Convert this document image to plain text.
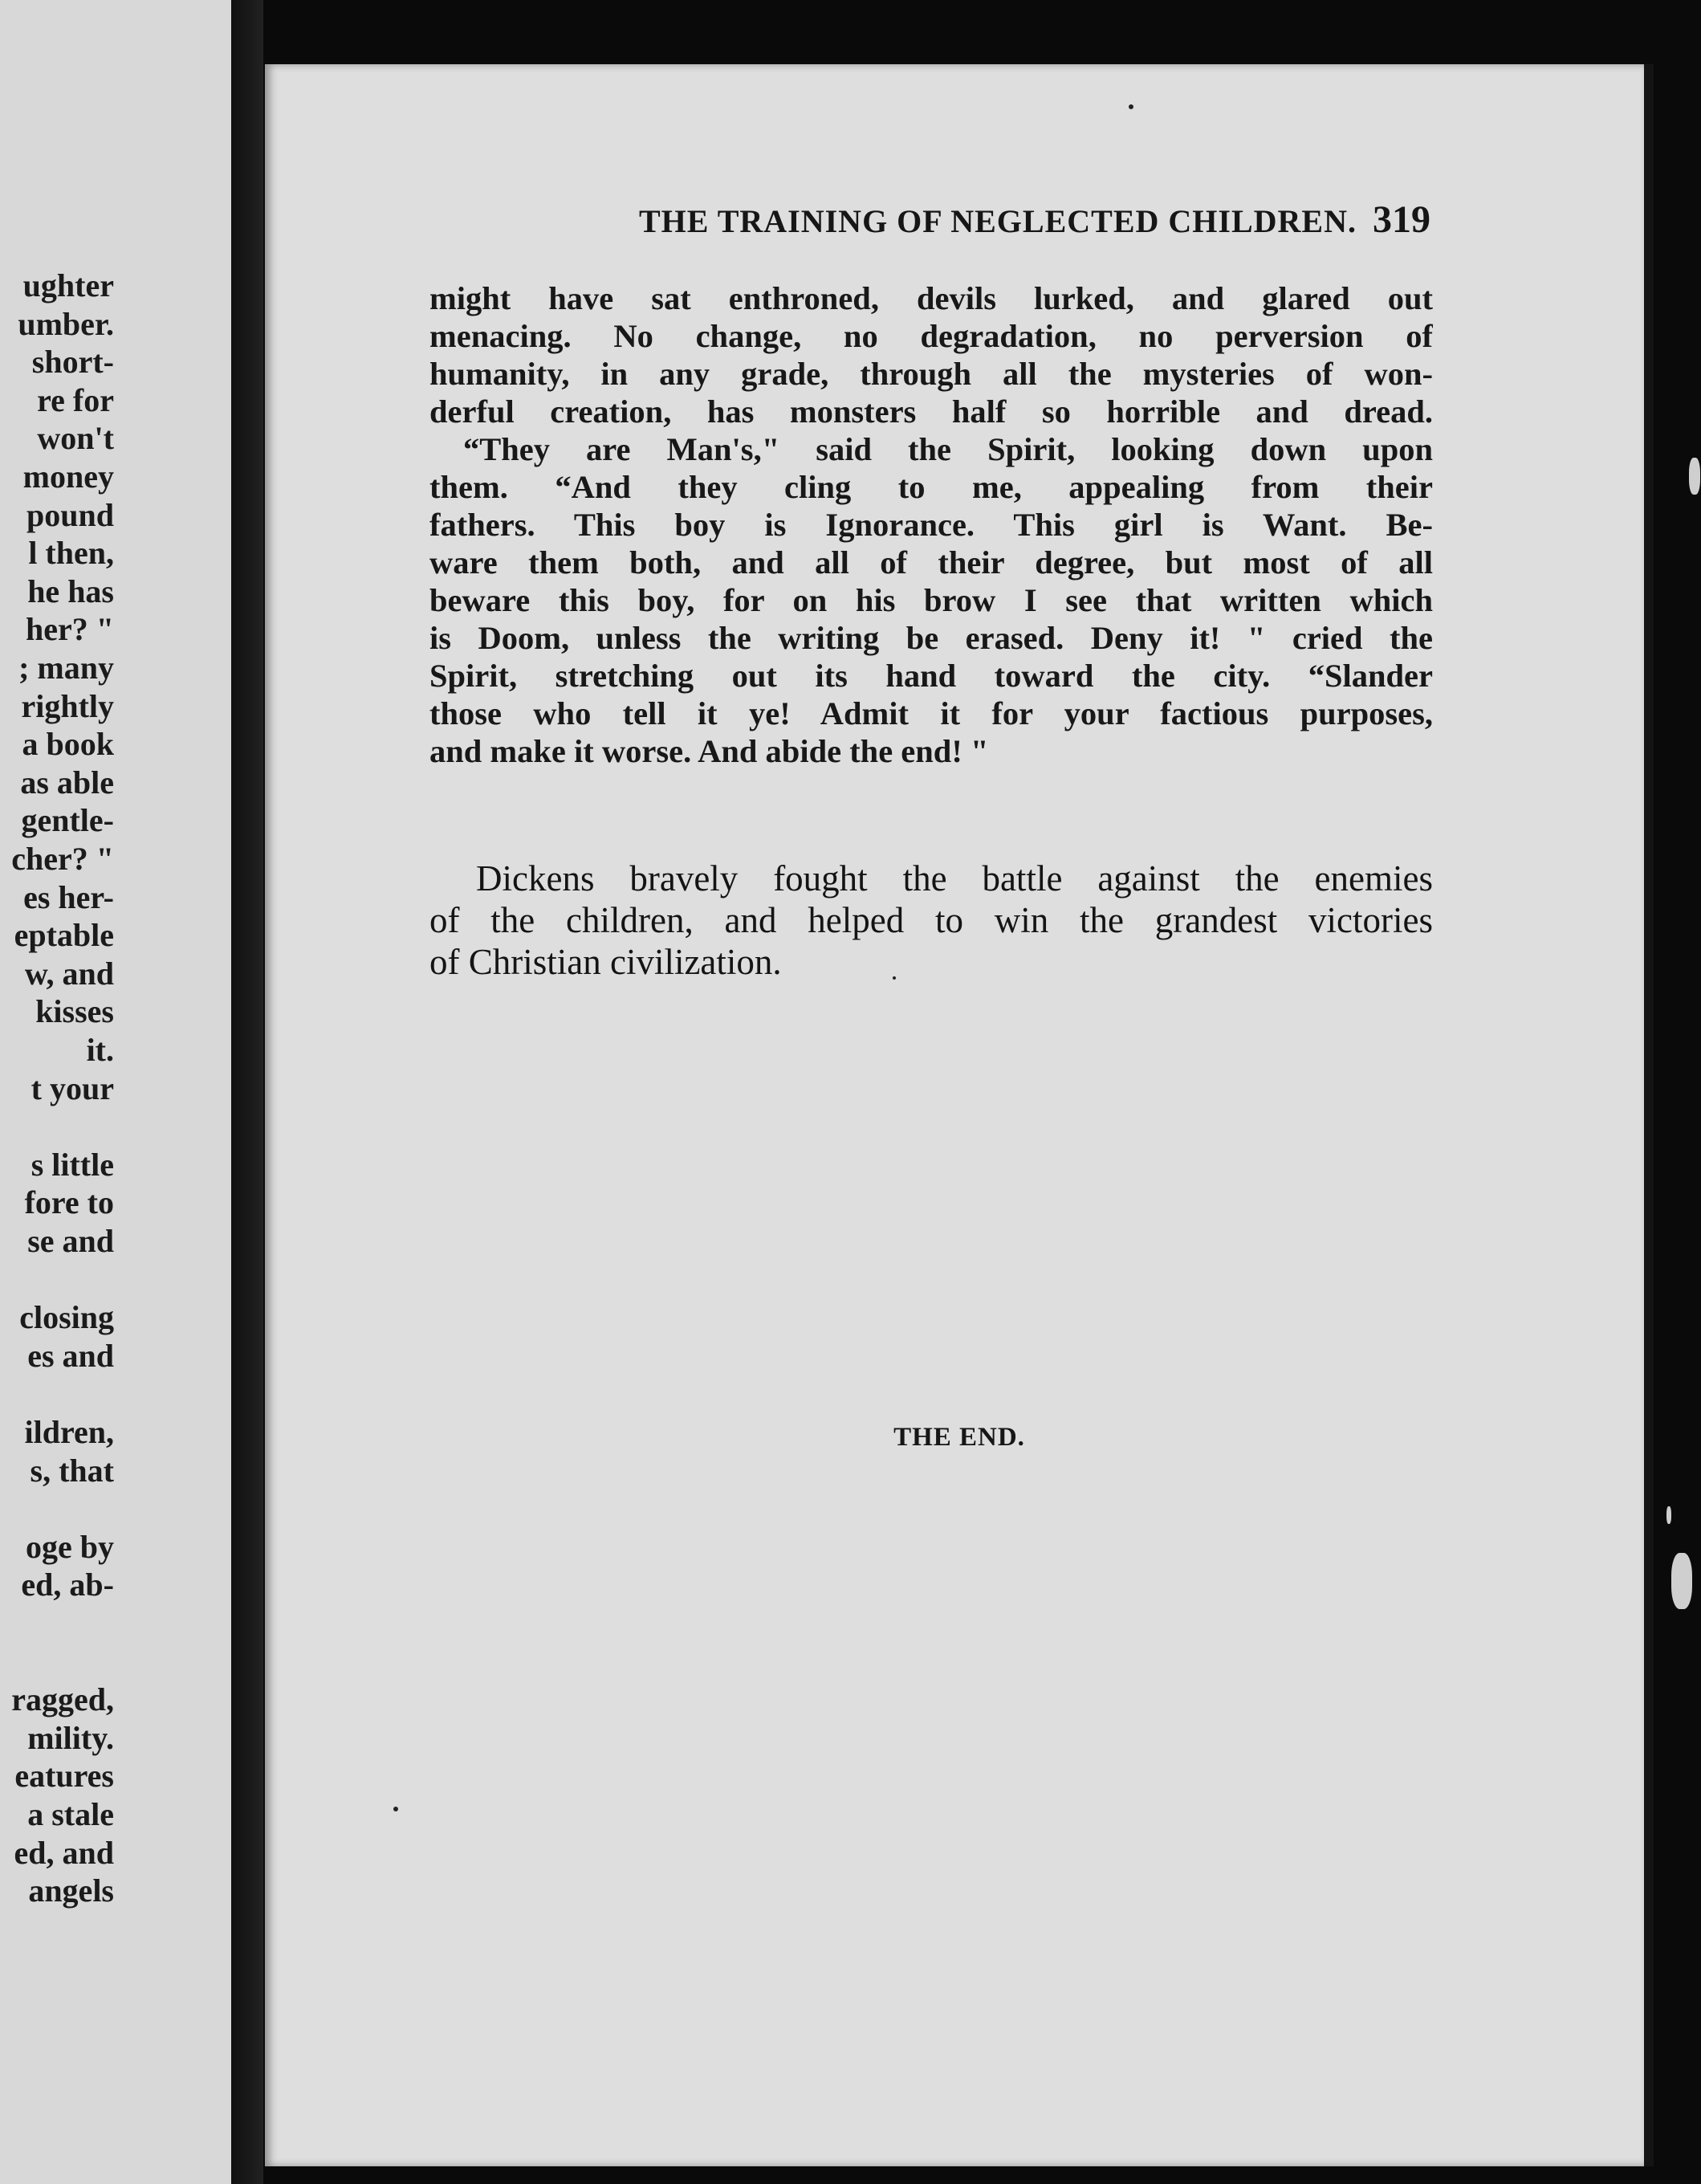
ughter
umber.
short-
re for
won't
money
pound
l then,
he has
her? "
; many
rightly
a book
as able
gentle-
cher? "
es her-
eptable
w, and
kisses
it.
t your
s little
fore to
se and
closing
es and
ildren,
s, that
oge by
ed, ab-
ragged,
mility.
eatures
a stale
ed, and
angels
THE TRAINING OF NEGLECTED CHILDREN. 319
might have sat enthroned, devils lurked, and glared out
menacing. No change, no degradation, no perversion of
humanity, in any grade, through all the mysteries of won-
derful creation, has monsters half so horrible and dread.
“They are Man's," said the Spirit, looking down upon
them. “And they cling to me, appealing from their
fathers. This boy is Ignorance. This girl is Want. Be-
ware them both, and all of their degree, but most of all
beware this boy, for on his brow I see that written which
is Doom, unless the writing be erased. Deny it! " cried the
Spirit, stretching out its hand toward the city. “Slander
those who tell it ye! Admit it for your factious purposes,
and make it worse. And abide the end! "
Dickens bravely fought the battle against the enemies
of the children, and helped to win the grandest victories
of Christian civilization.
THE END.
